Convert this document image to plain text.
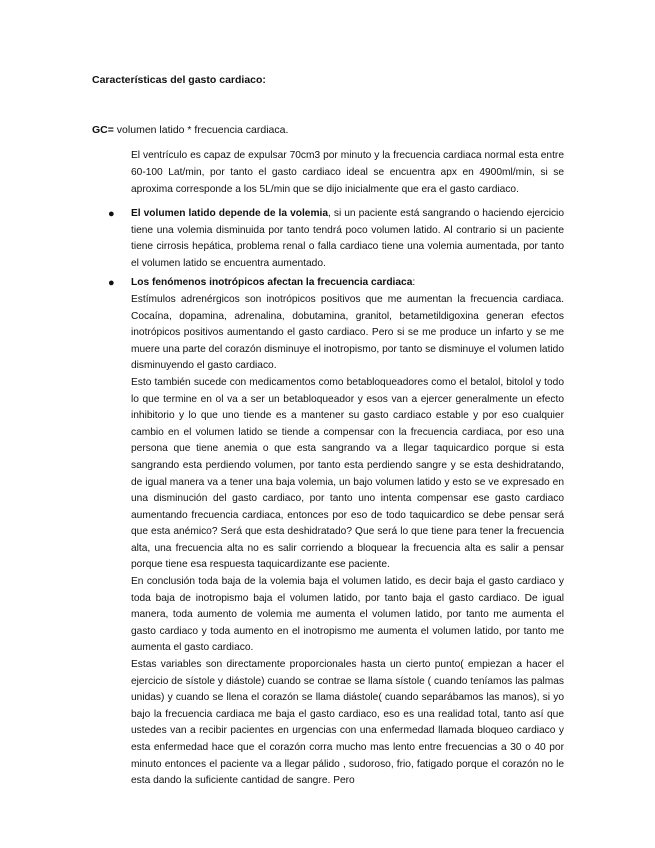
Características del gasto cardiaco:
GC= volumen latido * frecuencia cardiaca.
El ventrículo es capaz de expulsar 70cm3 por minuto y la frecuencia cardiaca normal esta entre 60-100 Lat/min, por tanto el gasto cardiaco ideal se encuentra apx en 4900ml/min, si se aproxima corresponde a los 5L/min que se dijo inicialmente que era el gasto cardiaco.
● El volumen latido depende de la volemia, si un paciente está sangrando o haciendo ejercicio tiene una volemia disminuida por tanto tendrá poco volumen latido. Al contrario si un paciente tiene cirrosis hepática, problema renal o falla cardiaco tiene una volemia aumentada, por tanto el volumen latido se encuentra aumentado.
● Los fenómenos inotrópicos afectan la frecuencia cardiaca:
Estímulos adrenérgicos son inotrópicos positivos que me aumentan la frecuencia cardiaca. Cocaína, dopamina, adrenalina, dobutamina, granitol, betametildigoxina generan efectos inotrópicos positivos aumentando el gasto cardiaco. Pero si se me produce un infarto y se me muere una parte del corazón disminuye el inotropismo, por tanto se disminuye el volumen latido disminuyendo el gasto cardiaco.
Esto también sucede con medicamentos como betabloqueadores como el betalol, bitolol y todo lo que termine en ol va a ser un betabloqueador y esos van a ejercer generalmente un efecto inhibitorio y lo que uno tiende es a mantener su gasto cardiaco estable y por eso cualquier cambio en el volumen latido se tiende a compensar con la frecuencia cardiaca, por eso una persona que tiene anemia o que esta sangrando va a llegar taquicardico porque si esta sangrando esta perdiendo volumen, por tanto esta perdiendo sangre y se esta deshidratando, de igual manera va a tener una baja volemia, un bajo volumen latido y esto se ve expresado en una disminución del gasto cardiaco, por tanto uno intenta compensar ese gasto cardiaco aumentando frecuencia cardiaca, entonces por eso de todo taquicardico se debe pensar será que esta anémico? Será que esta deshidratado? Que será lo que tiene para tener la frecuencia alta, una frecuencia alta no es salir corriendo a bloquear la frecuencia alta es salir a pensar porque tiene esa respuesta taquicardizante ese paciente.
En conclusión toda baja de la volemia baja el volumen latido, es decir baja el gasto cardiaco y toda baja de inotropismo baja el volumen latido, por tanto baja el gasto cardiaco. De igual manera, toda aumento de volemia me aumenta el volumen latido, por tanto me aumenta el gasto cardiaco y toda aumento en el inotropismo me aumenta el volumen latido, por tanto me aumenta el gasto cardiaco.
Estas variables son directamente proporcionales hasta un cierto punto( empiezan a hacer el ejercicio de sístole y diástole) cuando se contrae se llama sístole ( cuando teníamos las palmas unidas) y cuando se llena el corazón se llama diástole( cuando separábamos las manos), si yo bajo la frecuencia cardiaca me baja el gasto cardiaco, eso es una realidad total, tanto así que ustedes van a recibir pacientes en urgencias con una enfermedad llamada bloqueo cardiaco y esta enfermedad hace que el corazón corra mucho mas lento entre frecuencias a 30 o 40 por minuto entonces el paciente va a llegar pálido , sudoroso, frio, fatigado porque el corazón no le esta dando la suficiente cantidad de sangre. Pero
